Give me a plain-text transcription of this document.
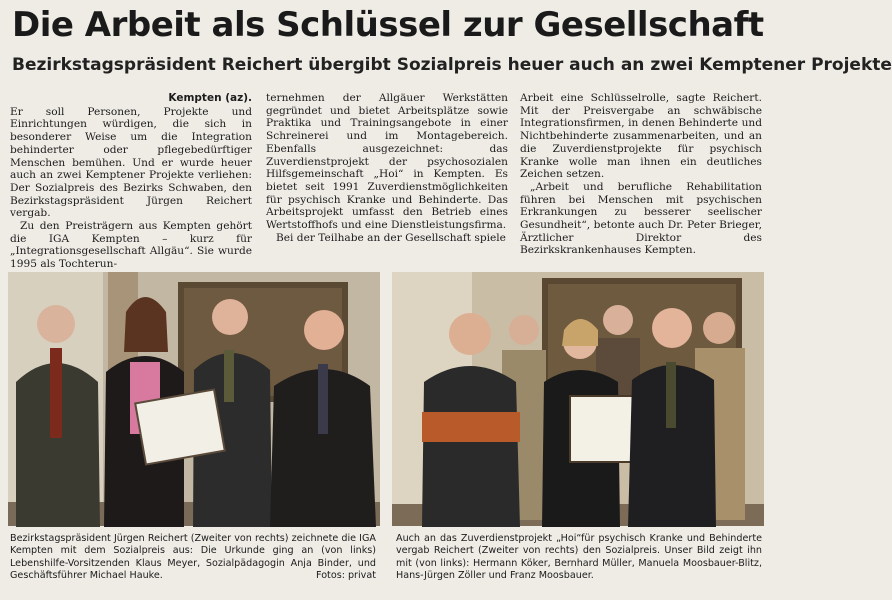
Die Arbeit als Schlüssel zur Gesellschaft
Bezirkstagspräsident Reichert übergibt Sozialpreis heuer auch an zwei Kemptener Projekte
Kempten (az).

Er soll Personen, Projekte und Einrichtungen würdigen, die sich in besonderer Weise um die Integration behinderter oder pflegebedürftiger Menschen bemühen. Und er wurde heuer auch an zwei Kemptener Projekte verliehen: Der Sozialpreis des Bezirks Schwaben, den Bezirkstagspräsident Jürgen Reichert vergab.

Zu den Preisträgern aus Kempten gehört die IGA Kempten – kurz für „Integrationsgesellschaft Allgäu“. Sie wurde 1995 als Tochterun-

ternehmen der Allgäuer Werkstätten gegründet und bietet Arbeitsplätze sowie Praktika und Trainingsangebote in einer Schreinerei und im Montagebereich. Ebenfalls ausgezeichnet: das Zuverdienstprojekt der psychosozialen Hilfsgemeinschaft „Hoi“ in Kempten. Es bietet seit 1991 Zuverdienstmöglichkeiten für psychisch Kranke und Behinderte. Das Arbeitsprojekt umfasst den Betrieb eines Wertstoffhofs und eine Dienstleistungsfirma.

Bei der Teilhabe an der Gesellschaft spiele

Arbeit eine Schlüsselrolle, sagte Reichert. Mit der Preisvergabe an schwäbische Integrationsfirmen, in denen Behinderte und Nichtbehinderte zusammenarbeiten, und an die Zuverdienstprojekte für psychisch Kranke wolle man ihnen ein deutliches Zeichen setzen.

„Arbeit und berufliche Rehabilitation führen bei Menschen mit psychischen Erkrankungen zu besserer seelischer Gesundheit“, betonte auch Dr. Peter Brieger, Ärztlicher Direktor des Bezirkskrankenhauses Kempten.

Bezirkstagspräsident Jürgen Reichert (Zweiter von rechts) zeichnete die IGA Kempten mit dem Sozialpreis aus: Die Urkunde ging an (von links) Lebenshilfe-Vorsitzenden Klaus Meyer, Sozialpädagogin Anja Binder, und Geschäftsführer Michael Hauke.	Fotos: privat
Auch an das Zuverdienstprojekt „Hoi“für psychisch Kranke und Behinderte vergab Reichert (Zweiter von rechts) den Sozialpreis. Unser Bild zeigt ihn mit (von links): Hermann Köker, Bernhard Müller, Manuela Moosbauer-Blitz, Hans-Jürgen Zöller und Franz Moosbauer.
